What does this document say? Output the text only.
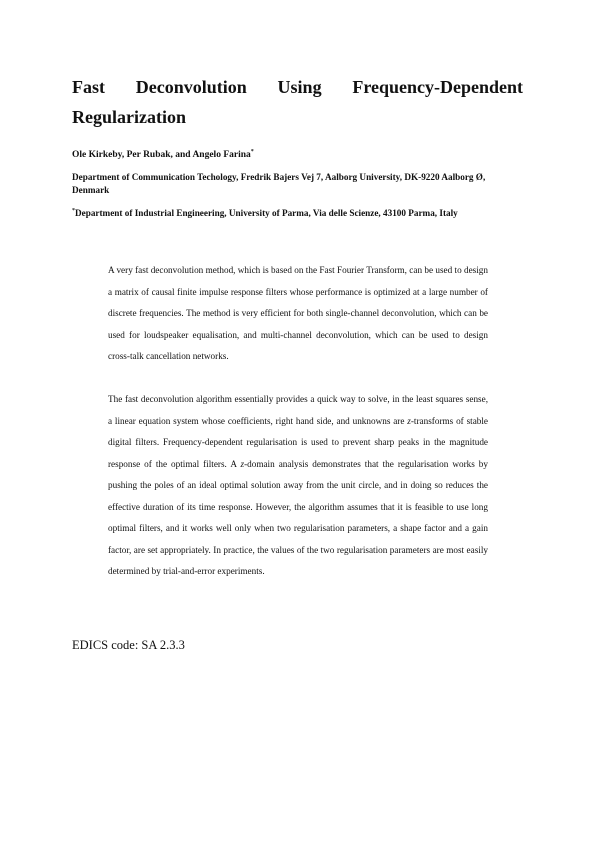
Fast Deconvolution Using Frequency-Dependent
Regularization
Ole Kirkeby, Per Rubak, and Angelo Farina*
Department of Communication Techology, Fredrik Bajers Vej 7, Aalborg University, DK-9220 Aalborg Ø, Denmark
*Department of Industrial Engineering, University of Parma, Via delle Scienze, 43100 Parma, Italy
A very fast deconvolution method, which is based on the Fast Fourier Transform, can be used to design a matrix of causal finite impulse response filters whose performance is optimized at a large number of discrete frequencies. The method is very efficient for both single-channel deconvolution, which can be used for loudspeaker equalisation, and multi-channel deconvolution, which can be used to design cross-talk cancellation networks.
The fast deconvolution algorithm essentially provides a quick way to solve, in the least squares sense, a linear equation system whose coefficients, right hand side, and unknowns are z-transforms of stable digital filters. Frequency-dependent regularisation is used to prevent sharp peaks in the magnitude response of the optimal filters. A z-domain analysis demonstrates that the regularisation works by pushing the poles of an ideal optimal solution away from the unit circle, and in doing so reduces the effective duration of its time response. However, the algorithm assumes that it is feasible to use long optimal filters, and it works well only when two regularisation parameters, a shape factor and a gain factor, are set appropriately. In practice, the values of the two regularisation parameters are most easily determined by trial-and-error experiments.
EDICS code: SA 2.3.3
